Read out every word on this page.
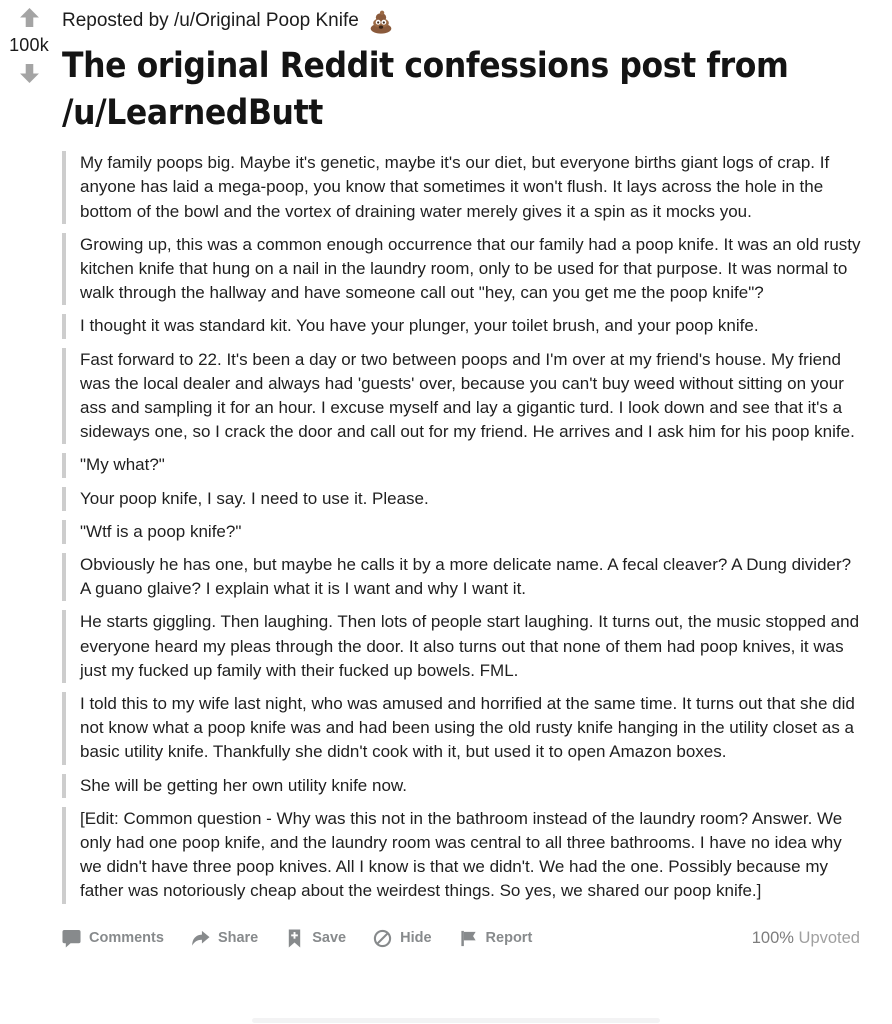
100k
Reposted by /u/Original Poop Knife
The original Reddit confessions post from /u/LearnedButt
My family poops big. Maybe it's genetic, maybe it's our diet, but everyone births giant logs of crap. If anyone has laid a mega-poop, you know that sometimes it won't flush. It lays across the hole in the bottom of the bowl and the vortex of draining water merely gives it a spin as it mocks you.
Growing up, this was a common enough occurrence that our family had a poop knife. It was an old rusty kitchen knife that hung on a nail in the laundry room, only to be used for that purpose. It was normal to walk through the hallway and have someone call out "hey, can you get me the poop knife"?
I thought it was standard kit. You have your plunger, your toilet brush, and your poop knife.
Fast forward to 22. It's been a day or two between poops and I'm over at my friend's house. My friend was the local dealer and always had 'guests' over, because you can't buy weed without sitting on your ass and sampling it for an hour. I excuse myself and lay a gigantic turd. I look down and see that it's a sideways one, so I crack the door and call out for my friend. He arrives and I ask him for his poop knife.
"My what?"
Your poop knife, I say. I need to use it. Please.
"Wtf is a poop knife?"
Obviously he has one, but maybe he calls it by a more delicate name. A fecal cleaver? A Dung divider? A guano glaive? I explain what it is I want and why I want it.
He starts giggling. Then laughing. Then lots of people start laughing. It turns out, the music stopped and everyone heard my pleas through the door. It also turns out that none of them had poop knives, it was just my fucked up family with their fucked up bowels. FML.
I told this to my wife last night, who was amused and horrified at the same time. It turns out that she did not know what a poop knife was and had been using the old rusty knife hanging in the utility closet as a basic utility knife. Thankfully she didn't cook with it, but used it to open Amazon boxes.
She will be getting her own utility knife now.
[Edit: Common question - Why was this not in the bathroom instead of the laundry room? Answer. We only had one poop knife, and the laundry room was central to all three bathrooms. I have no idea why we didn't have three poop knives. All I know is that we didn't. We had the one. Possibly because my father was notoriously cheap about the weirdest things. So yes, we shared our poop knife.]
Comments	Share	Save	Hide	Report	100% Upvoted
